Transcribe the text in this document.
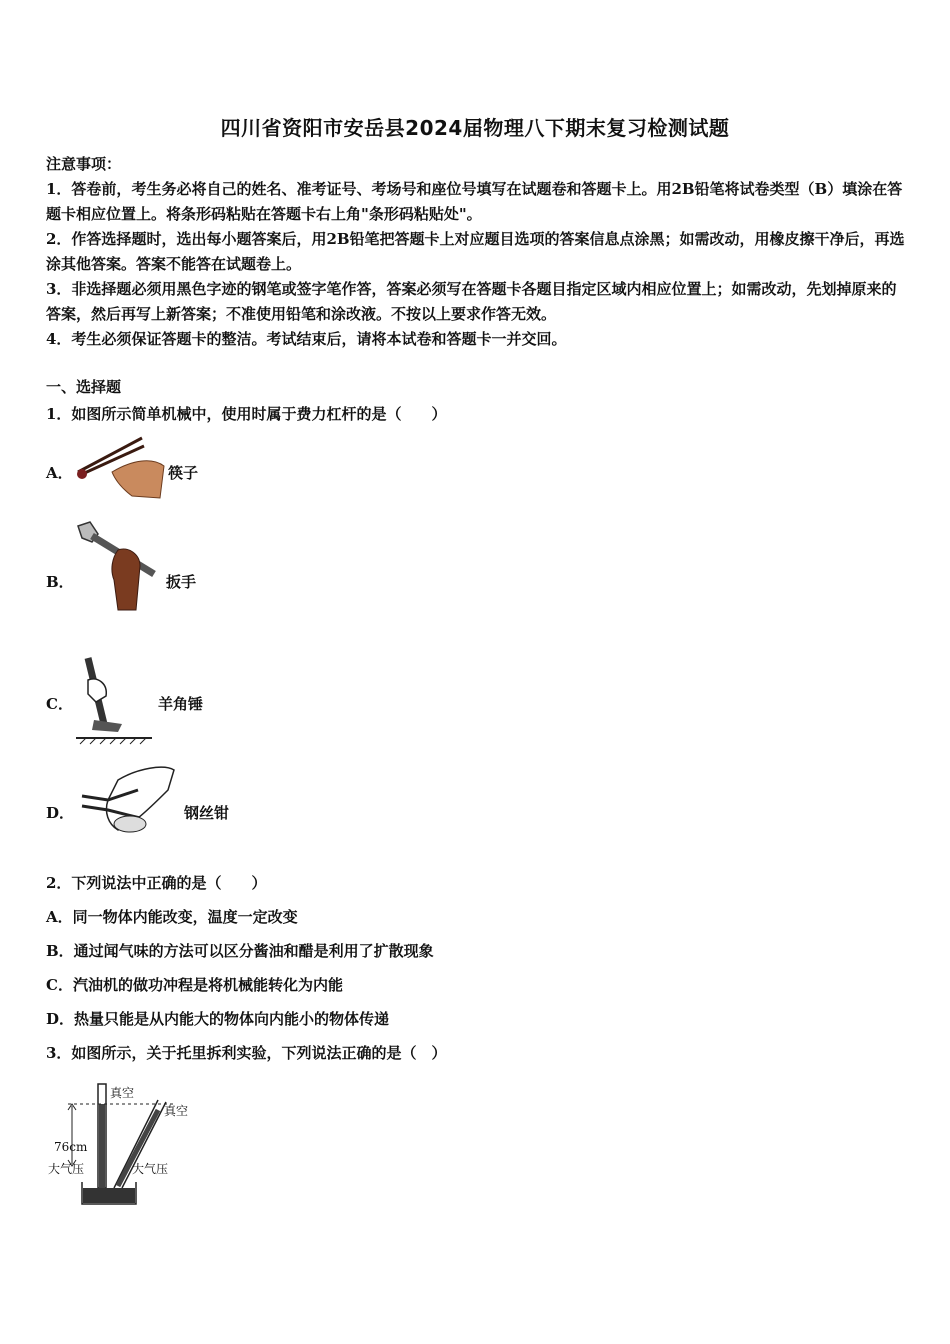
四川省资阳市安岳县2024届物理八下期末复习检测试题
注意事项：
1．答卷前，考生务必将自己的姓名、准考证号、考场号和座位号填写在试题卷和答题卡上。用2B铅笔将试卷类型（B）填涂在答题卡相应位置上。将条形码粘贴在答题卡右上角"条形码粘贴处"。
2．作答选择题时，选出每小题答案后，用2B铅笔把答题卡上对应题目选项的答案信息点涂黑；如需改动，用橡皮擦干净后，再选涂其他答案。答案不能答在试题卷上。
3．非选择题必须用黑色字迹的钢笔或签字笔作答，答案必须写在答题卡各题目指定区域内相应位置上；如需改动，先划掉原来的答案，然后再写上新答案；不准使用铅笔和涂改液。不按以上要求作答无效。
4．考生必须保证答题卡的整洁。考试结束后，请将本试卷和答题卡一并交回。
一、选择题
1．如图所示简单机械中，使用时属于费力杠杆的是（　　）
A．	筷子
B．	扳手
C．	羊角锤
D．	钢丝钳
2．下列说法中正确的是（　　）
A．同一物体内能改变，温度一定改变
B．通过闻气味的方法可以区分酱油和醋是利用了扩散现象
C．汽油机的做功冲程是将机械能转化为内能
D．热量只能是从内能大的物体向内能小的物体传递
3．如图所示，关于托里拆利实验，下列说法正确的是（　）
真空
真空
76cm
大气压	大气压
